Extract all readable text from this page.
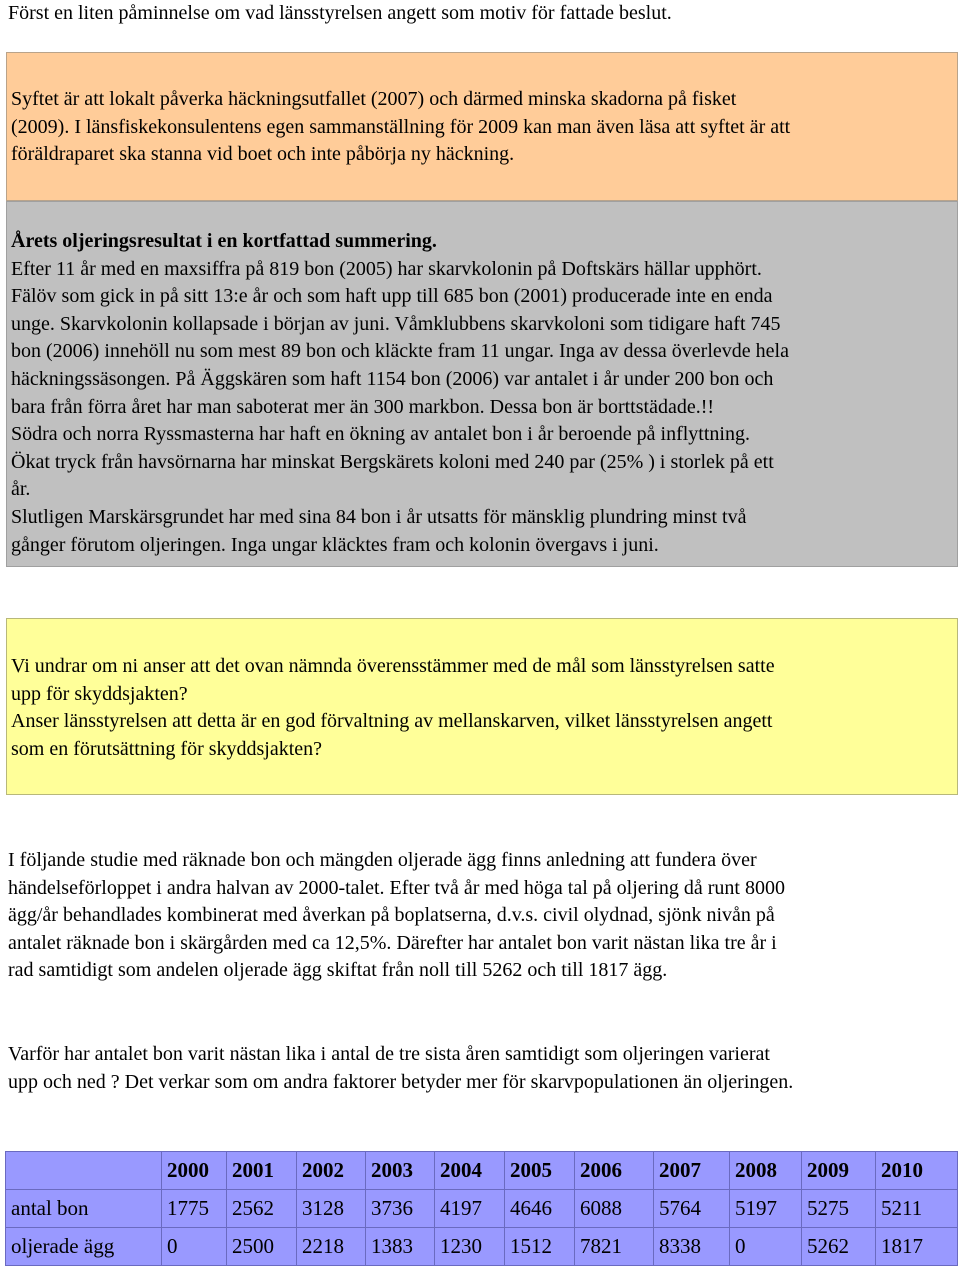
Först en liten påminnelse om vad länsstyrelsen angett som motiv för fattade beslut.

Syftet är att lokalt påverka häckningsutfallet (2007) och därmed minska skadorna på fisket

(2009). I länsfiskekonsulentens egen sammanställning för 2009 kan man även läsa att syftet är att

föräldraparet ska stanna vid boet och inte påbörja ny häckning.

Årets oljeringsresultat i en kortfattad summering.

Efter 11 år med en maxsiffra på 819 bon (2005) har skarvkolonin på Doftskärs hällar upphört.

Fälöv som gick in på sitt 13:e år och som haft upp till 685 bon (2001) producerade inte en enda

unge. Skarvkolonin kollapsade i början av juni. Våmklubbens skarvkoloni som tidigare haft 745

bon (2006) innehöll nu som mest 89 bon och kläckte fram 11 ungar. Inga av dessa överlevde hela

häckningssäsongen. På Äggskären som haft 1154 bon (2006) var antalet i år under 200 bon och

bara från förra året har man saboterat mer än 300 markbon. Dessa bon är borttstädade.!!

Södra och norra Ryssmasterna har haft en ökning av antalet bon i år beroende på inflyttning.

Ökat tryck från havsörnarna har minskat Bergskärets koloni med 240 par (25% ) i storlek på ett

år.

Slutligen Marskärsgrundet har med sina 84 bon i år utsatts för mänsklig plundring minst två

gånger förutom oljeringen. Inga ungar kläcktes fram och kolonin övergavs i juni.

Vi undrar om ni anser att det ovan nämnda överensstämmer med de mål som länsstyrelsen satte

upp för skyddsjakten?

Anser länsstyrelsen att detta är en god förvaltning av mellanskarven, vilket länsstyrelsen angett

som en förutsättning för skyddsjakten?

I följande studie med räknade bon och mängden oljerade ägg finns anledning att fundera över

händelseförloppet i andra halvan av 2000-talet. Efter två år med höga tal på oljering då runt 8000

ägg/år behandlades kombinerat med åverkan på boplatserna, d.v.s. civil olydnad, sjönk nivån på

antalet räknade bon i skärgården med ca 12,5%. Därefter har antalet bon varit nästan lika tre år i

rad samtidigt som andelen oljerade ägg skiftat från noll till 5262 och till 1817 ägg.

Varför har antalet bon varit nästan lika i antal de tre sista åren samtidigt som oljeringen varierat

upp och ned ? Det verkar som om andra faktorer betyder mer för skarvpopulationen än oljeringen.

	2000	2001	2002	2003	2004	2005	2006	2007	2008	2009	2010
antal bon	1775	2562	3128	3736	4197	4646	6088	5764	5197	5275	5211
oljerade ägg	0	2500	2218	1383	1230	1512	7821	8338	0	5262	1817
